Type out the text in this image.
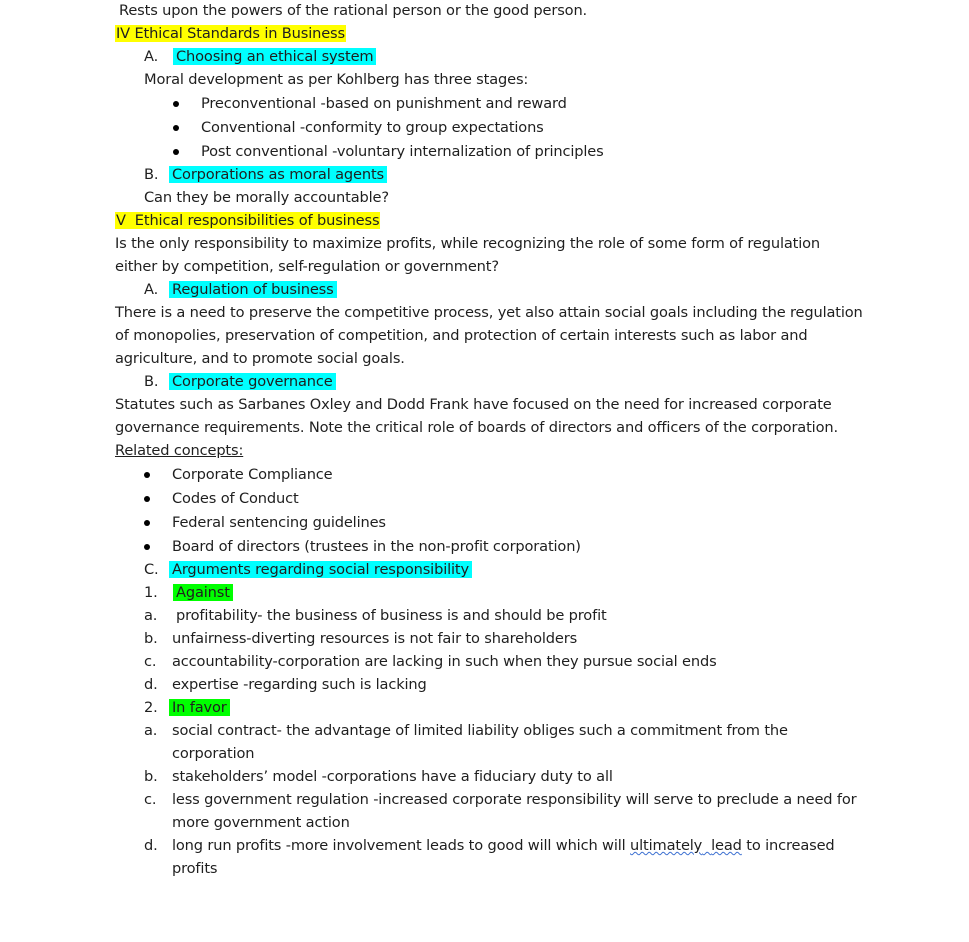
Rests upon the powers of the rational person or the good person.
IV Ethical Standards in Business
A. Choosing an ethical system
Moral development as per Kohlberg has three stages:
Preconventional -based on punishment and reward
Conventional -conformity to group expectations
Post conventional -voluntary internalization of principles
B. Corporations as moral agents
Can they be morally accountable?
V  Ethical responsibilities of business
Is the only responsibility to maximize profits, while recognizing the role of some form of regulation
either by competition, self-regulation or government?
A. Regulation of business
There is a need to preserve the competitive process, yet also attain social goals including the regulation
of monopolies, preservation of competition, and protection of certain interests such as labor and
agriculture, and to promote social goals.
B. Corporate governance
Statutes such as Sarbanes Oxley and Dodd Frank have focused on the need for increased corporate
governance requirements. Note the critical role of boards of directors and officers of the corporation.
Related concepts:
Corporate Compliance
Codes of Conduct
Federal sentencing guidelines
Board of directors (trustees in the non-profit corporation)
C. Arguments regarding social responsibility
1. Against
a. profitability- the business of business is and should be profit
b. unfairness-diverting resources is not fair to shareholders
c. accountability-corporation are lacking in such when they pursue social ends
d. expertise -regarding such is lacking
2. In favor
a. social contract- the advantage of limited liability obliges such a commitment from the
corporation
b. stakeholders’ model -corporations have a fiduciary duty to all
c. less government regulation -increased corporate responsibility will serve to preclude a need for
more government action
d. long run profits -more involvement leads to good will which will ultimately lead to increased
profits
